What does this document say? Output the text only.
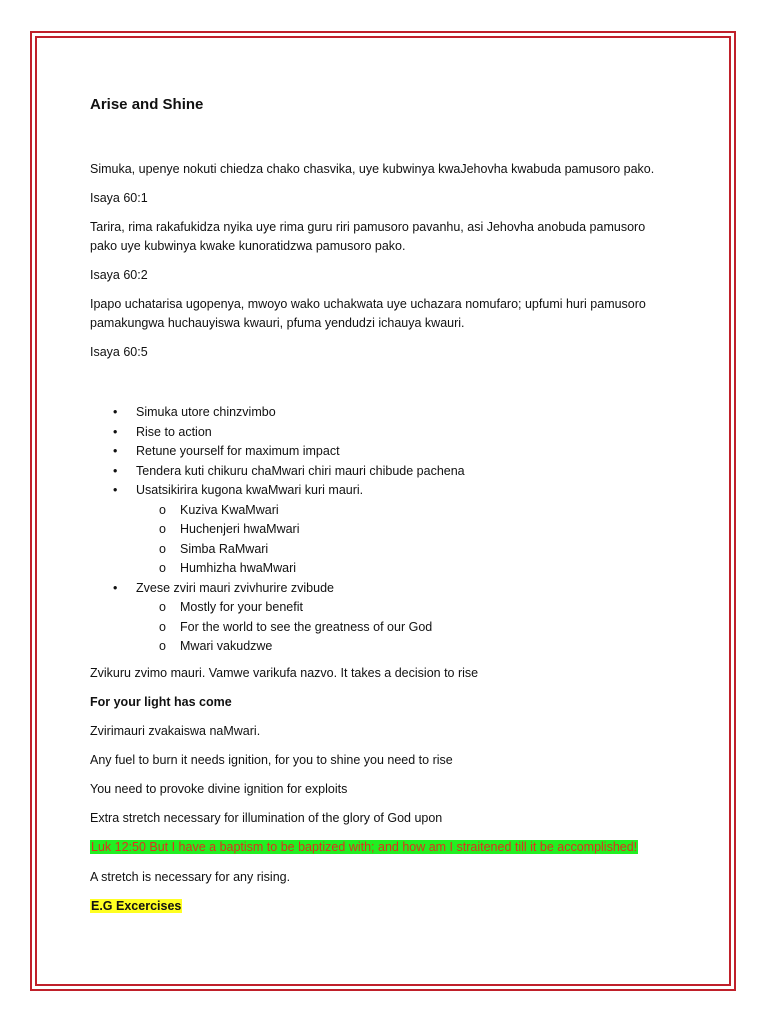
Arise and Shine
Simuka, upenye nokuti chiedza chako chasvika, uye kubwinya kwaJehovha kwabuda pamusoro pako.
Isaya 60:1
Tarira, rima rakafukidza nyika uye rima guru riri pamusoro pavanhu, asi Jehovha anobuda pamusoro
pako uye kubwinya kwake kunoratidzwa pamusoro pako.
Isaya 60:2
Ipapo uchatarisa ugopenya, mwoyo wako uchakwata uye uchazara nomufaro; upfumi huri pamusoro
pamakungwa huchauyiswa kwauri, pfuma yendudzi ichauya kwauri.
Isaya 60:5
• Simuka utore chinzvimbo
• Rise to action
• Retune yourself for maximum impact
• Tendera kuti chikuru chaMwari chiri mauri chibude pachena
• Usatsikirira kugona kwaMwari kuri mauri.
o Kuziva KwaMwari
o Huchenjeri hwaMwari
o Simba RaMwari
o Humhizha hwaMwari
• Zvese zviri mauri zvivhurire zvibude
o Mostly for your benefit
o For the world to see the greatness of our God
o Mwari vakudzwe
Zvikuru zvimo mauri. Vamwe varikufa nazvo. It takes a decision to rise
For your light has come
Zvirimauri zvakaiswa naMwari.
Any fuel to burn it needs ignition, for you to shine you need to rise
You need to provoke divine ignition for exploits
Extra stretch necessary for illumination of the glory of God upon
Luk 12:50 But I have a baptism to be baptized with; and how am I straitened till it be accomplished!
A stretch is necessary for any rising.
E.G Excercises
